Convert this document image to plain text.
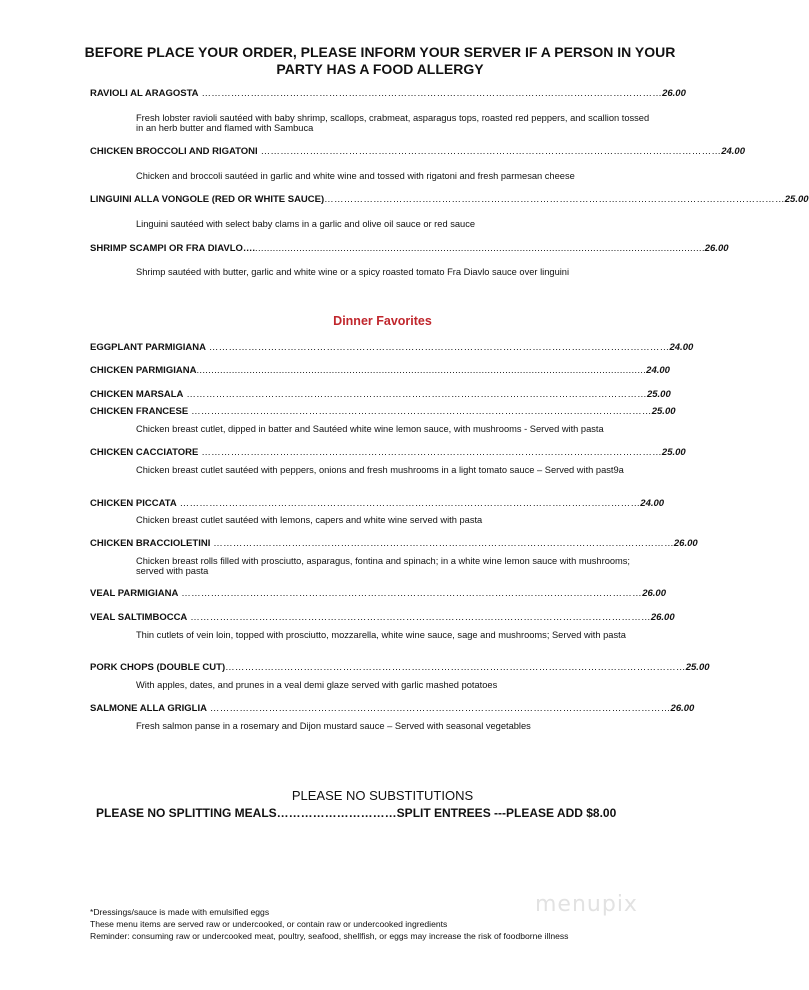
BEFORE PLACE YOUR ORDER, PLEASE INFORM YOUR SERVER IF A PERSON IN YOUR
PARTY HAS A FOOD ALLERGY
RAVIOLI AL ARAGOSTA …………………………………………………………………………………………………………………………… 26.00
Fresh lobster ravioli sautéed with baby shrimp, scallops, crabmeat, asparagus tops, roasted red peppers, and scallion tossed in an herb butter and flamed with Sambuca
CHICKEN BROCCOLI AND RIGATONI …………………………………………………………………………………………………………………………… 24.00
Chicken and broccoli sautéed in garlic and white wine and tossed with rigatoni and fresh parmesan cheese
LINGUINI ALLA VONGOLE (RED OR WHITE SAUCE) …………………………………………………………………………………………………………………………… 25.00
Linguini sautéed with select baby clams in a garlic and olive oil sauce or red sauce
SHRIMP SCAMPI OR FRA DIAVLO…. ......................................................................................................................................................... 26.00
Shrimp sautéed with butter, garlic and white wine or a spicy roasted tomato Fra Diavlo sauce over linguini
Dinner Favorites
EGGPLANT PARMIGIANA …………………………………………………………………………………………………………………………… 24.00
CHICKEN PARMIGIANA ......................................................................................................................................................... 24.00
CHICKEN MARSALA …………………………………………………………………………………………………………………………… 25.00
CHICKEN FRANCESE …………………………………………………………………………………………………………………………… 25.00
Chicken breast cutlet, dipped in batter and Sautéed white wine lemon sauce, with mushrooms - Served with pasta
CHICKEN CACCIATORE …………………………………………………………………………………………………………………………… 25.00
Chicken breast cutlet sautéed with peppers, onions and fresh mushrooms in a light tomato sauce – Served with past9a
CHICKEN PICCATA …………………………………………………………………………………………………………………………… 24.00
Chicken breast cutlet sautéed with lemons, capers and white wine served with pasta
CHICKEN BRACCIOLETINI …………………………………………………………………………………………………………………………… 26.00
Chicken breast rolls filled with prosciutto, asparagus, fontina and spinach; in a white wine lemon sauce with mushrooms; served with pasta
VEAL PARMIGIANA …………………………………………………………………………………………………………………………… 26.00
VEAL SALTIMBOCCA …………………………………………………………………………………………………………………………… 26.00
Thin cutlets of vein loin, topped with prosciutto, mozzarella, white wine sauce, sage and mushrooms; Served with pasta
PORK CHOPS (DOUBLE CUT) …………………………………………………………………………………………………………………………… 25.00
With apples, dates, and prunes in a veal demi glaze served with garlic mashed potatoes
SALMONE ALLA GRIGLIA …………………………………………………………………………………………………………………………… 26.00
Fresh salmon panse in a rosemary and Dijon mustard sauce – Served with seasonal vegetables
PLEASE NO SUBSTITUTIONS
PLEASE NO SPLITTING MEALS…………………………SPLIT ENTREES ---PLEASE ADD $8.00
menupix
*Dressings/sauce is made with emulsified eggs
These menu items are served raw or undercooked, or contain raw or undercooked ingredients
Reminder: consuming raw or undercooked meat, poultry, seafood, shellfish, or eggs may increase the risk of foodborne illness
